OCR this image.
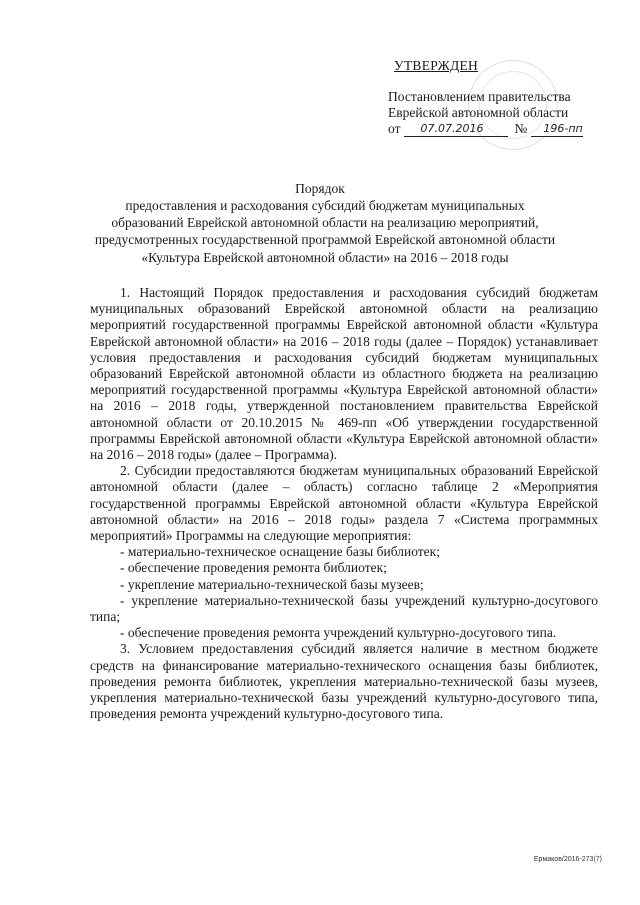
УТВЕРЖДЕН
Постановлением правительства
Еврейской автономной области
от	07.07.2016	№	196-пп
Порядок
предоставления и расходования субсидий бюджетам муниципальных образований Еврейской автономной области на реализацию мероприятий, предусмотренных государственной программой Еврейской автономной области «Культура Еврейской автономной области» на 2016 – 2018 годы

1. Настоящий Порядок предоставления и расходования субсидий бюджетам муниципальных образований Еврейской автономной области на реализацию мероприятий государственной программы Еврейской автономной области «Культура Еврейской автономной области» на 2016 – 2018 годы (далее – Порядок) устанавливает условия предоставления и расходования субсидий бюджетам муниципальных образований Еврейской автономной области из областного бюджета на реализацию мероприятий государственной программы «Культура Еврейской автономной области» на 2016 – 2018 годы, утвержденной постановлением правительства Еврейской автономной области от 20.10.2015 № 469-пп «Об утверждении государственной программы Еврейской автономной области «Культура Еврейской автономной области» на 2016 – 2018 годы» (далее – Программа).

2. Субсидии предоставляются бюджетам муниципальных образований Еврейской автономной области (далее – область) согласно таблице 2 «Мероприятия государственной программы Еврейской автономной области «Культура Еврейской автономной области» на 2016 – 2018 годы» раздела 7 «Система программных мероприятий» Программы на следующие мероприятия:

- материально-техническое оснащение базы библиотек;
- обеспечение проведения ремонта библиотек;
- укрепление материально-технической базы музеев;
- укрепление материально-технической базы учреждений культурно-досугового типа;
- обеспечение проведения ремонта учреждений культурно-досугового типа.

3. Условием предоставления субсидий является наличие в местном бюджете средств на финансирование материально-технического оснащения базы библиотек, проведения ремонта библиотек, укрепления материально-технической базы музеев, укрепления материально-технической базы учреждений культурно-досугового типа, проведения ремонта учреждений культурно-досугового типа.

Ермаков/2016-273(7)
